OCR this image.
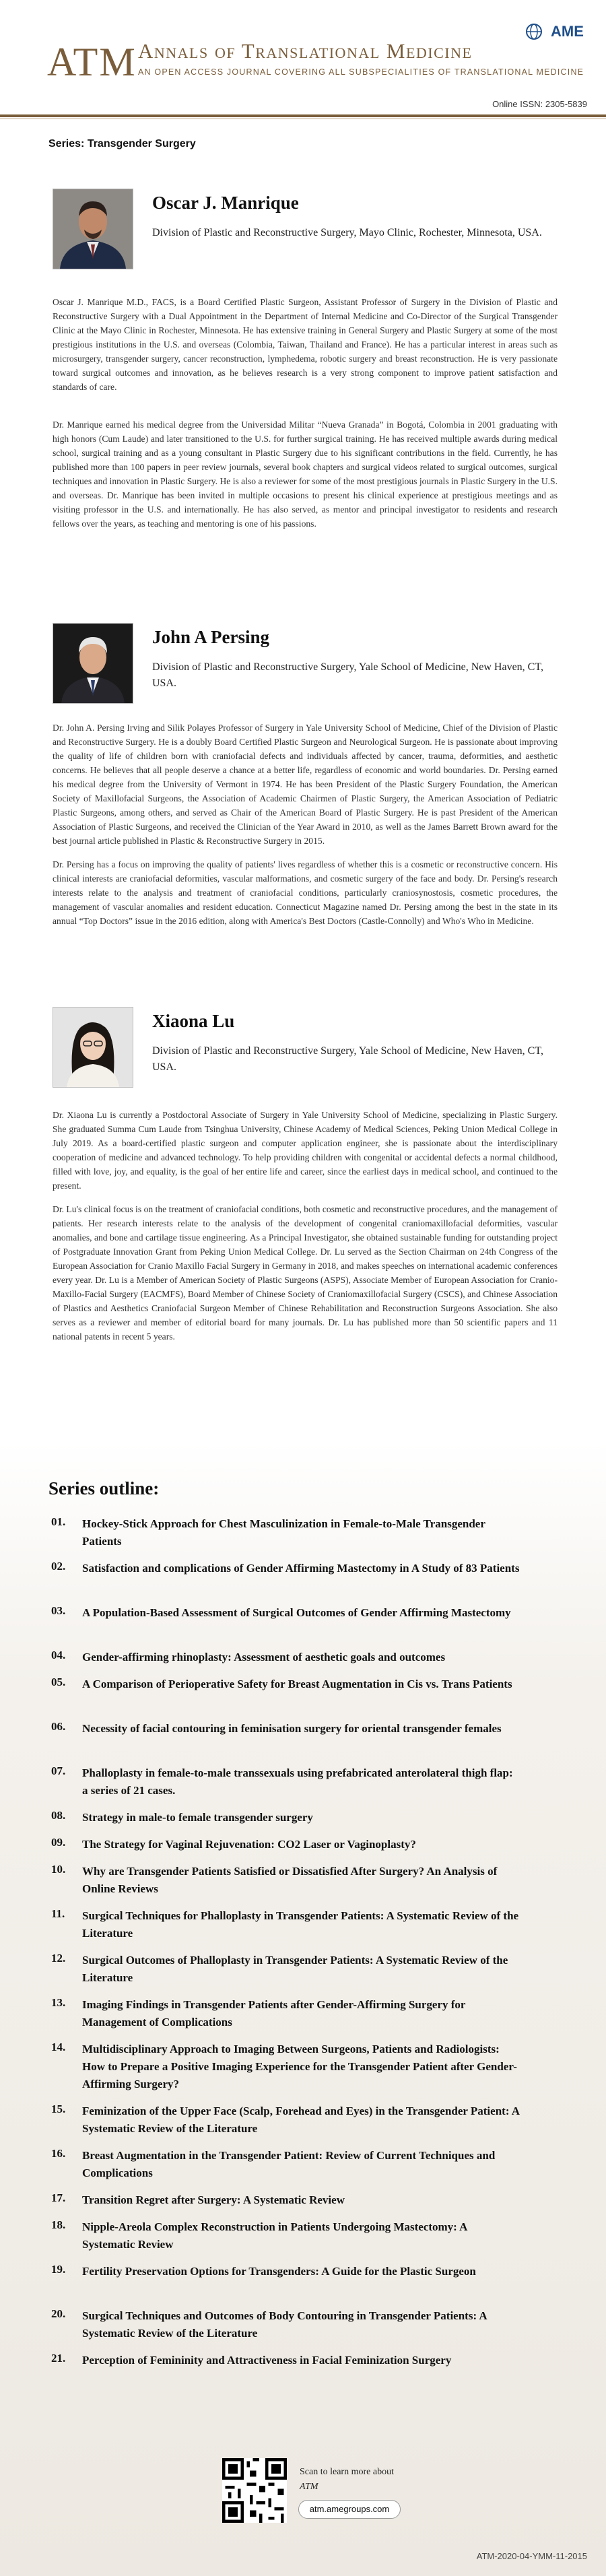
ATM Annals of Translational Medicine
AN OPEN ACCESS JOURNAL COVERING ALL SUBSPECIALITIES OF TRANSLATIONAL MEDICINE
AME
Online ISSN: 2305-5839
Series: Transgender Surgery
Oscar J. Manrique
Division of Plastic and Reconstructive Surgery, Mayo Clinic, Rochester, Minnesota, USA.

Oscar J. Manrique M.D., FACS, is a Board Certified Plastic Surgeon, Assistant Professor of Surgery in the Division of Plastic and Reconstructive Surgery with a Dual Appointment in the Department of Internal Medicine and Co-Director of the Surgical Transgender Clinic at the Mayo Clinic in Rochester, Minnesota. He has extensive training in General Surgery and Plastic Surgery at some of the most prestigious institutions in the U.S. and overseas (Colombia, Taiwan, Thailand and France). He has a particular interest in areas such as microsurgery, transgender surgery, cancer reconstruction, lymphedema, robotic surgery and breast reconstruction. He is very passionate toward surgical outcomes and innovation, as he believes research is a very strong component to improve patient satisfaction and standards of care.

Dr. Manrique earned his medical degree from the Universidad Militar “Nueva Granada” in Bogotá, Colombia in 2001 graduating with high honors (Cum Laude) and later transitioned to the U.S. for further surgical training. He has received multiple awards during medical school, surgical training and as a young consultant in Plastic Surgery due to his significant contributions in the field. Currently, he has published more than 100 papers in peer review journals, several book chapters and surgical videos related to surgical outcomes, surgical techniques and innovation in Plastic Surgery. He is also a reviewer for some of the most prestigious journals in Plastic Surgery in the U.S. and overseas. Dr. Manrique has been invited in multiple occasions to present his clinical experience at prestigious meetings and as visiting professor in the U.S. and internationally. He has also served, as mentor and principal investigator to residents and research fellows over the years, as teaching and mentoring is one of his passions.

John A Persing
Division of Plastic and Reconstructive Surgery, Yale School of Medicine, New Haven, CT, USA.

Dr. John A. Persing Irving and Silik Polayes Professor of Surgery in Yale University School of Medicine, Chief of the Division of Plastic and Reconstructive Surgery. He is a doubly Board Certified Plastic Surgeon and Neurological Surgeon. He is passionate about improving the quality of life of children born with craniofacial defects and individuals affected by cancer, trauma, deformities, and aesthetic concerns. He believes that all people deserve a chance at a better life, regardless of economic and world boundaries. Dr. Persing earned his medical degree from the University of Vermont in 1974. He has been President of the Plastic Surgery Foundation, the American Society of Maxillofacial Surgeons, the Association of Academic Chairmen of Plastic Surgery, the American Association of Pediatric Plastic Surgeons, among others, and served as Chair of the American Board of Plastic Surgery. He is past President of the American Association of Plastic Surgeons, and received the Clinician of the Year Award in 2010, as well as the James Barrett Brown award for the best journal article published in Plastic & Reconstructive Surgery in 2015.

Dr. Persing has a focus on improving the quality of patients' lives regardless of whether this is a cosmetic or reconstructive concern. His clinical interests are craniofacial deformities, vascular malformations, and cosmetic surgery of the face and body. Dr. Persing's research interests relate to the analysis and treatment of craniofacial conditions, particularly craniosynostosis, cosmetic procedures, the management of vascular anomalies and resident education. Connecticut Magazine named Dr. Persing among the best in the state in its annual “Top Doctors” issue in the 2016 edition, along with America's Best Doctors (Castle-Connolly) and Who's Who in Medicine.

Xiaona Lu
Division of Plastic and Reconstructive Surgery, Yale School of Medicine, New Haven, CT, USA.

Dr. Xiaona Lu is currently a Postdoctoral Associate of Surgery in Yale University School of Medicine, specializing in Plastic Surgery. She graduated Summa Cum Laude from Tsinghua University, Chinese Academy of Medical Sciences, Peking Union Medical College in July 2019. As a board-certified plastic surgeon and computer application engineer, she is passionate about the interdisciplinary cooperation of medicine and advanced technology. To help providing children with congenital or accidental defects a normal childhood, filled with love, joy, and equality, is the goal of her entire life and career, since the earliest days in medical school, and continued to the present.

Dr. Lu's clinical focus is on the treatment of craniofacial conditions, both cosmetic and reconstructive procedures, and the management of patients. Her research interests relate to the analysis of the development of congenital craniomaxillofacial deformities, vascular anomalies, and bone and cartilage tissue engineering. As a Principal Investigator, she obtained sustainable funding for outstanding project of Postgraduate Innovation Grant from Peking Union Medical College. Dr. Lu served as the Section Chairman on 24th Congress of the European Association for Cranio Maxillo Facial Surgery in Germany in 2018, and makes speeches on international academic conferences every year. Dr. Lu is a Member of American Society of Plastic Surgeons (ASPS), Associate Member of European Association for Cranio-Maxillo-Facial Surgery (EACMFS), Board Member of Chinese Society of Craniomaxillofacial Surgery (CSCS), and Chinese Association of Plastics and Aesthetics Craniofacial Surgeon Member of Chinese Rehabilitation and Reconstruction Surgeons Association. She also serves as a reviewer and member of editorial board for many journals. Dr. Lu has published more than 50 scientific papers and 11 national patents in recent 5 years.

Series outline:
01. Hockey-Stick Approach for Chest Masculinization in Female-to-Male Transgender Patients
02. Satisfaction and complications of Gender Affirming Mastectomy in A Study of 83 Patients
03. A Population-Based Assessment of Surgical Outcomes of Gender Affirming Mastectomy
04. Gender-affirming rhinoplasty: Assessment of aesthetic goals and outcomes
05. A Comparison of Perioperative Safety for Breast Augmentation in Cis vs. Trans Patients
06. Necessity of facial contouring in feminisation surgery for oriental transgender females
07. Phalloplasty in female-to-male transsexuals using prefabricated anterolateral thigh flap: a series of 21 cases.
08. Strategy in male-to female transgender surgery
09. The Strategy for Vaginal Rejuvenation: CO2 Laser or Vaginoplasty?
10. Why are Transgender Patients Satisfied or Dissatisfied After Surgery? An Analysis of Online Reviews
11. Surgical Techniques for Phalloplasty in Transgender Patients: A Systematic Review of the Literature
12. Surgical Outcomes of Phalloplasty in Transgender Patients: A Systematic Review of the Literature
13. Imaging Findings in Transgender Patients after Gender-Affirming Surgery for Management of Complications
14. Multidisciplinary Approach to Imaging Between Surgeons, Patients and Radiologists: How to Prepare a Positive Imaging Experience for the Transgender Patient after Gender-Affirming Surgery?
15. Feminization of the Upper Face (Scalp, Forehead and Eyes) in the Transgender Patient: A Systematic Review of the Literature
16. Breast Augmentation in the Transgender Patient: Review of Current Techniques and Complications
17. Transition Regret after Surgery: A Systematic Review
18. Nipple-Areola Complex Reconstruction in Patients Undergoing Mastectomy: A Systematic Review
19. Fertility Preservation Options for Transgenders: A Guide for the Plastic Surgeon
20. Surgical Techniques and Outcomes of Body Contouring in Transgender Patients: A Systematic Review of the Literature
21. Perception of Femininity and Attractiveness in Facial Feminization Surgery
Scan to learn more about ATM
atm.amegroups.com
ATM-2020-04-YMM-11-2015
